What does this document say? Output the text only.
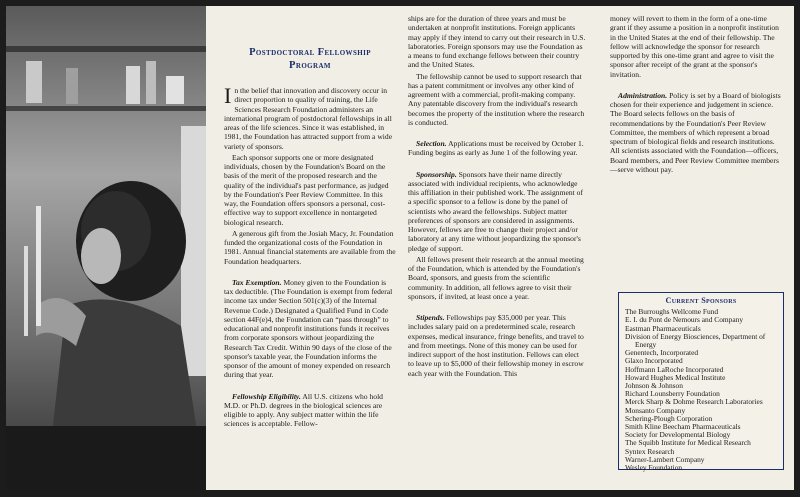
Postdoctoral Fellowship
Program

In the belief that innovation and discovery occur in direct proportion to quality of training, the Life Sciences Research Foundation administers an international program of postdoctoral fellowships in all areas of the life sciences. Since it was established, in 1981, the Foundation has attracted support from a wide variety of sponsors.

Each sponsor supports one or more designated individuals, chosen by the Foundation's Board on the basis of the merit of the proposed research and the quality of the individual's past performance, as judged by the Foundation's Peer Review Committee. In this way, the Foundation offers sponsors a personal, cost-effective way to support excellence in nontargeted biological research.

A generous gift from the Josiah Macy, Jr. Foundation funded the organizational costs of the Foundation in 1981. Annual financial statements are available from the Foundation headquarters.

Tax Exemption. Money given to the Foundation is tax deductible. (The Foundation is exempt from federal income tax under Section 501(c)(3) of the Internal Revenue Code.) Designated a Qualified Fund in Code section 44F(e)4, the Foundation can “pass through” to educational and nonprofit institutions funds it receives from corporate sponsors without jeopardizing the Research Tax Credit. Within 90 days of the close of the sponsor's taxable year, the Foundation informs the sponsor of the amount of money expended on research during that year.

Fellowship Eligibility. All U.S. citizens who hold M.D. or Ph.D. degrees in the biological sciences are eligible to apply. Any subject matter within the life sciences is acceptable. Fellow-

ships are for the duration of three years and must be undertaken at nonprofit institutions. Foreign applicants may apply if they intend to carry out their research in U.S. laboratories. Foreign sponsors may use the Foundation as a means to fund exchange fellows between their country and the United States.

The fellowship cannot be used to support research that has a patent commitment or involves any other kind of agreement with a commercial, profit-making company. Any patentable discovery from the individual's research becomes the property of the institution where the research is conducted.

Selection. Applications must be received by October 1. Funding begins as early as June 1 of the following year.

Sponsorship. Sponsors have their name directly associated with individual recipients, who acknowledge this affiliation in their published work. The assignment of a specific sponsor to a fellow is done by the panel of scientists who award the fellowships. Subject matter preferences of sponsors are considered in assignments. However, fellows are free to change their project and/or laboratory at any time without jeopardizing the sponsor's pledge of support.

All fellows present their research at the annual meeting of the Foundation, which is attended by the Foundation's Board, sponsors, and guests from the scientific community. In addition, all fellows agree to visit their sponsors, if invited, at least once a year.

Stipends. Fellowships pay $35,000 per year. This includes salary paid on a predetermined scale, research expenses, medical insurance, fringe benefits, and travel to and from meetings. None of this money can be used for indirect support of the host institution. Fellows can elect to leave up to $5,000 of their fellowship money in escrow each year with the Foundation. This

money will revert to them in the form of a one-time grant if they assume a position in a nonprofit institution in the United States at the end of their fellowship. The fellow will acknowledge the sponsor for research supported by this one-time grant and agree to visit the sponsor after receipt of the grant at the sponsor's invitation.

Administration. Policy is set by a Board of biologists chosen for their experience and judgement in science. The Board selects fellows on the basis of recommendations by the Foundation's Peer Review Committee, the members of which represent a broad spectrum of biological fields and research institutions. All scientists associated with the Foundation—officers, Board members, and Peer Review Committee members—serve without pay.

Current Sponsors
The Burroughs Wellcome Fund
E. I. du Pont de Nemours and Company
Eastman Pharmaceuticals
Division of Energy Biosciences, Department of
Energy
Genentech, Incorporated
Glaxo Incorporated
Hoffmann LaRoche Incorporated
Howard Hughes Medical Institute
Johnson & Johnson
Richard Lounsberry Foundation
Merck Sharp & Dohme Research Laboratories
Monsanto Company
Schering-Plough Corporation
Smith Kline Beecham Pharmaceuticals
Society for Developmental Biology
The Squibb Institute for Medical Research
Syntex Research
Warner-Lambert Company
Wesley Foundation
